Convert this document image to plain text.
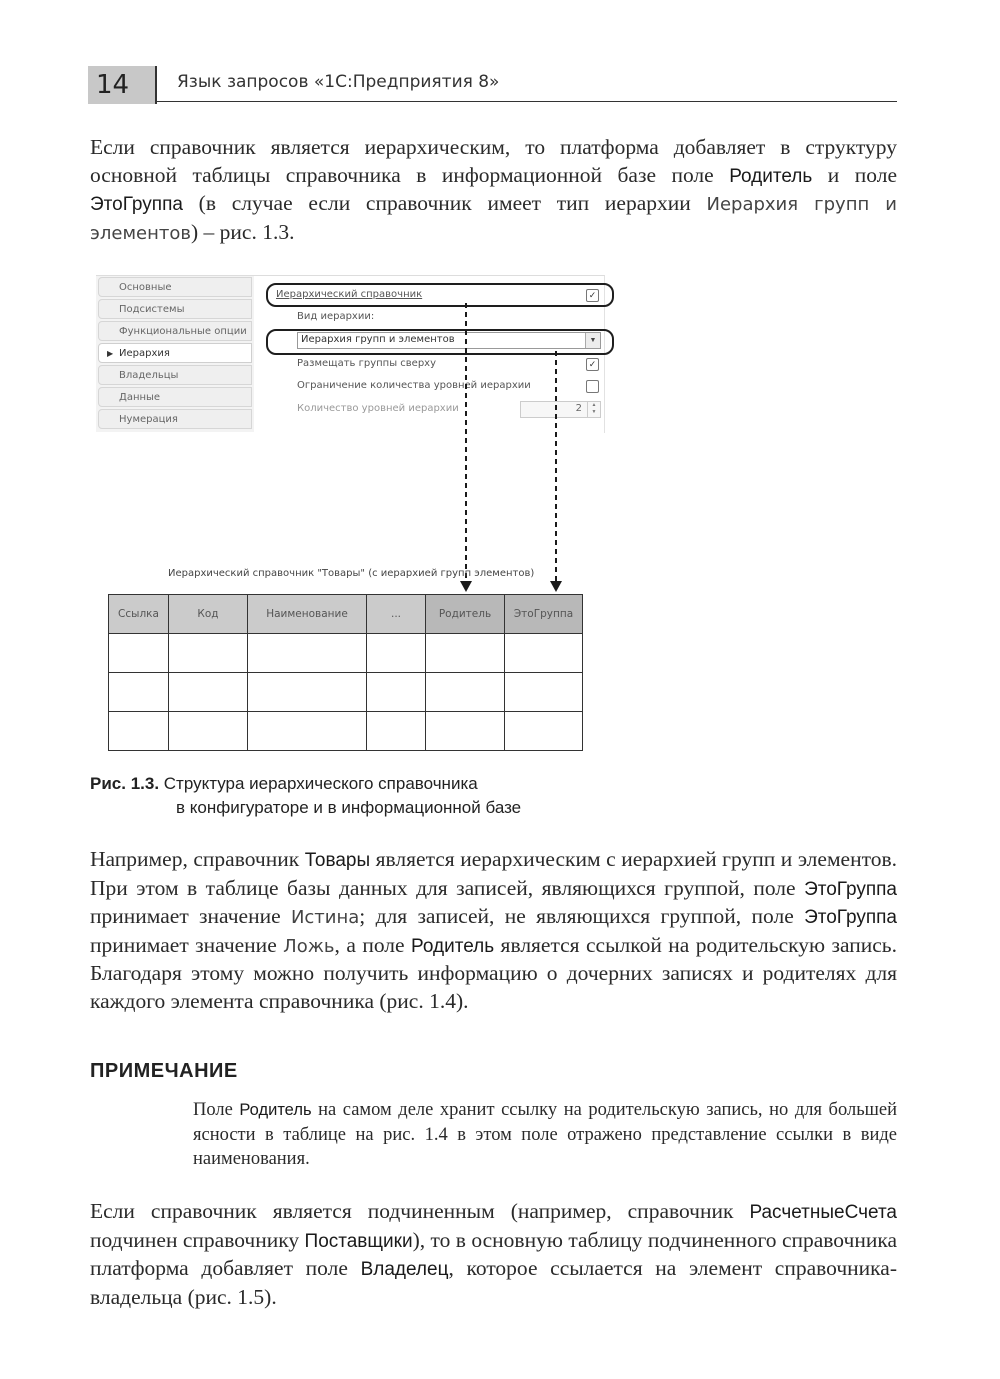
14	Язык запросов «1С:Предприятия 8»
Если справочник является иерархическим, то платформа добавляет в структуру основной таблицы справочника в информационной базе поле Родитель и поле ЭтоГруппа (в случае если справочник имеет тип иерархии Иерархия групп и элементов) – рис. 1.3.
Основные
Подсистемы
Функциональные опции
▶ Иерархия
Владельцы
Данные
Нумерация
Иерархический справочник	✓
Вид иерархии:
Иерархия групп и элементов	▼
Размещать группы сверху	✓
Ограничение количества уровней иерархии
Количество уровней иерархии	2	▲
▼
Иерархический справочник "Товары" (с иерархией групп элементов)
Ссылка	Код	Наименование	...	Родитель	ЭтоГруппа

Рис. 1.3. Структура иерархического справочника
в конфигураторе и в информационной базе
Например, справочник Товары является иерархическим с иерархией групп и элементов. При этом в таблице базы данных для записей, являющихся группой, поле ЭтоГруппа принимает значение Истина; для записей, не являющихся группой, поле ЭтоГруппа принимает значение Ложь, а поле Родитель является ссылкой на родительскую запись. Благодаря этому можно получить информацию о дочерних записях и родителях для каждого элемента справочника (рис. 1.4).
ПРИМЕЧАНИЕ
Поле Родитель на самом деле хранит ссылку на родительскую запись, но для большей ясности в таблице на рис. 1.4 в этом поле отражено представление ссылки в виде наименования.
Если справочник является подчиненным (например, справочник РасчетныеСчета подчинен справочнику Поставщики), то в основную таблицу подчиненного справочника платформа добавляет поле Владелец, которое ссылается на элемент справочника-владельца (рис. 1.5).
